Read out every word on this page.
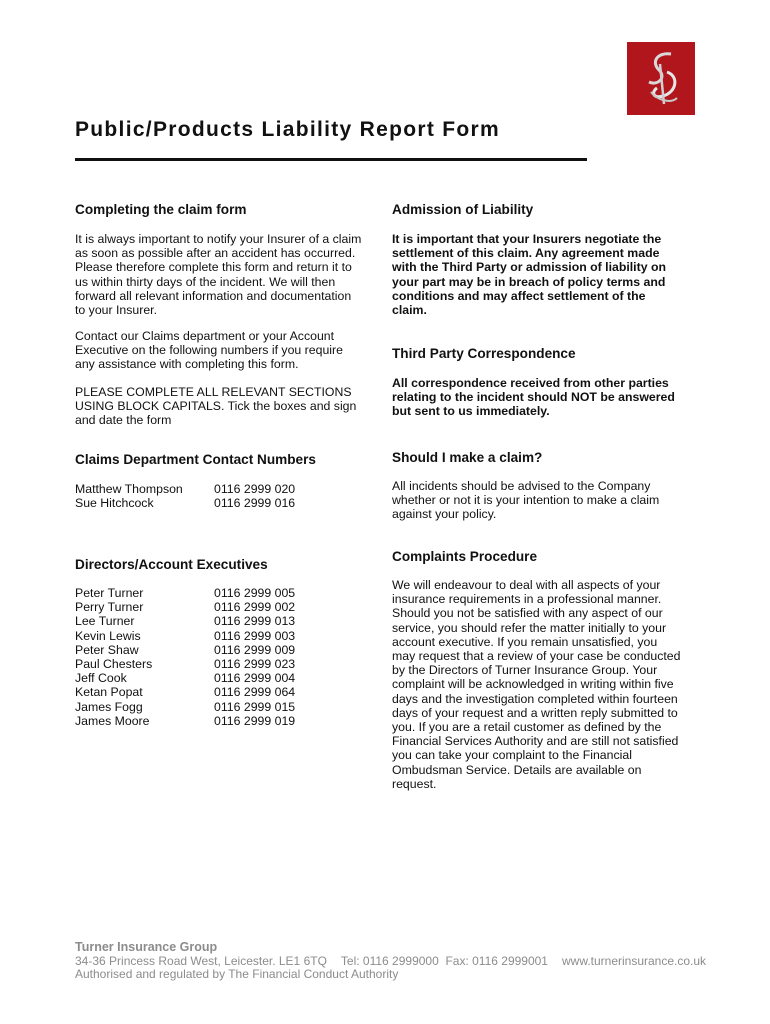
Public/Products Liability Report Form
Completing the claim form

It is always important to notify your Insurer of a claim
as soon as possible after an accident has occurred.
Please therefore complete this form and return it to
us within thirty days of the incident. We will then
forward all relevant information and documentation
to your Insurer.

Contact our Claims department or your Account
Executive on the following numbers if you require
any assistance with completing this form.

PLEASE COMPLETE ALL RELEVANT SECTIONS
USING BLOCK CAPITALS. Tick the boxes and sign
and date the form

Claims Department Contact Numbers
Matthew Thompson	0116 2999 020
Sue Hitchcock	0116 2999 016
Directors/Account Executives
Peter Turner	0116 2999 005
Perry Turner	0116 2999 002
Lee Turner	0116 2999 013
Kevin Lewis	0116 2999 003
Peter Shaw	0116 2999 009
Paul Chesters	0116 2999 023
Jeff Cook	0116 2999 004
Ketan Popat	0116 2999 064
James Fogg	0116 2999 015
James Moore	0116 2999 019
Admission of Liability

It is important that your Insurers negotiate the
settlement of this claim. Any agreement made
with the Third Party or admission of liability on
your part may be in breach of policy terms and
conditions and may affect settlement of the
claim.

Third Party Correspondence

All correspondence received from other parties
relating to the incident should NOT be answered
but sent to us immediately.

Should I make a claim?

All incidents should be advised to the Company
whether or not it is your intention to make a claim
against your policy.

Complaints Procedure

We will endeavour to deal with all aspects of your
insurance requirements in a professional manner.
Should you not be satisfied with any aspect of our
service, you should refer the matter initially to your
account executive. If you remain unsatisfied, you
may request that a review of your case be conducted
by the Directors of Turner Insurance Group. Your
complaint will be acknowledged in writing within five
days and the investigation completed within fourteen
days of your request and a written reply submitted to
you. If you are a retail customer as defined by the
Financial Services Authority and are still not satisfied
you can take your complaint to the Financial
Ombudsman Service. Details are available on
request.

Turner Insurance Group
34-36 Princess Road West, Leicester. LE1 6TQ Tel: 0116 2999000 Fax: 0116 2999001 www.turnerinsurance.co.uk
Authorised and regulated by The Financial Conduct Authority
